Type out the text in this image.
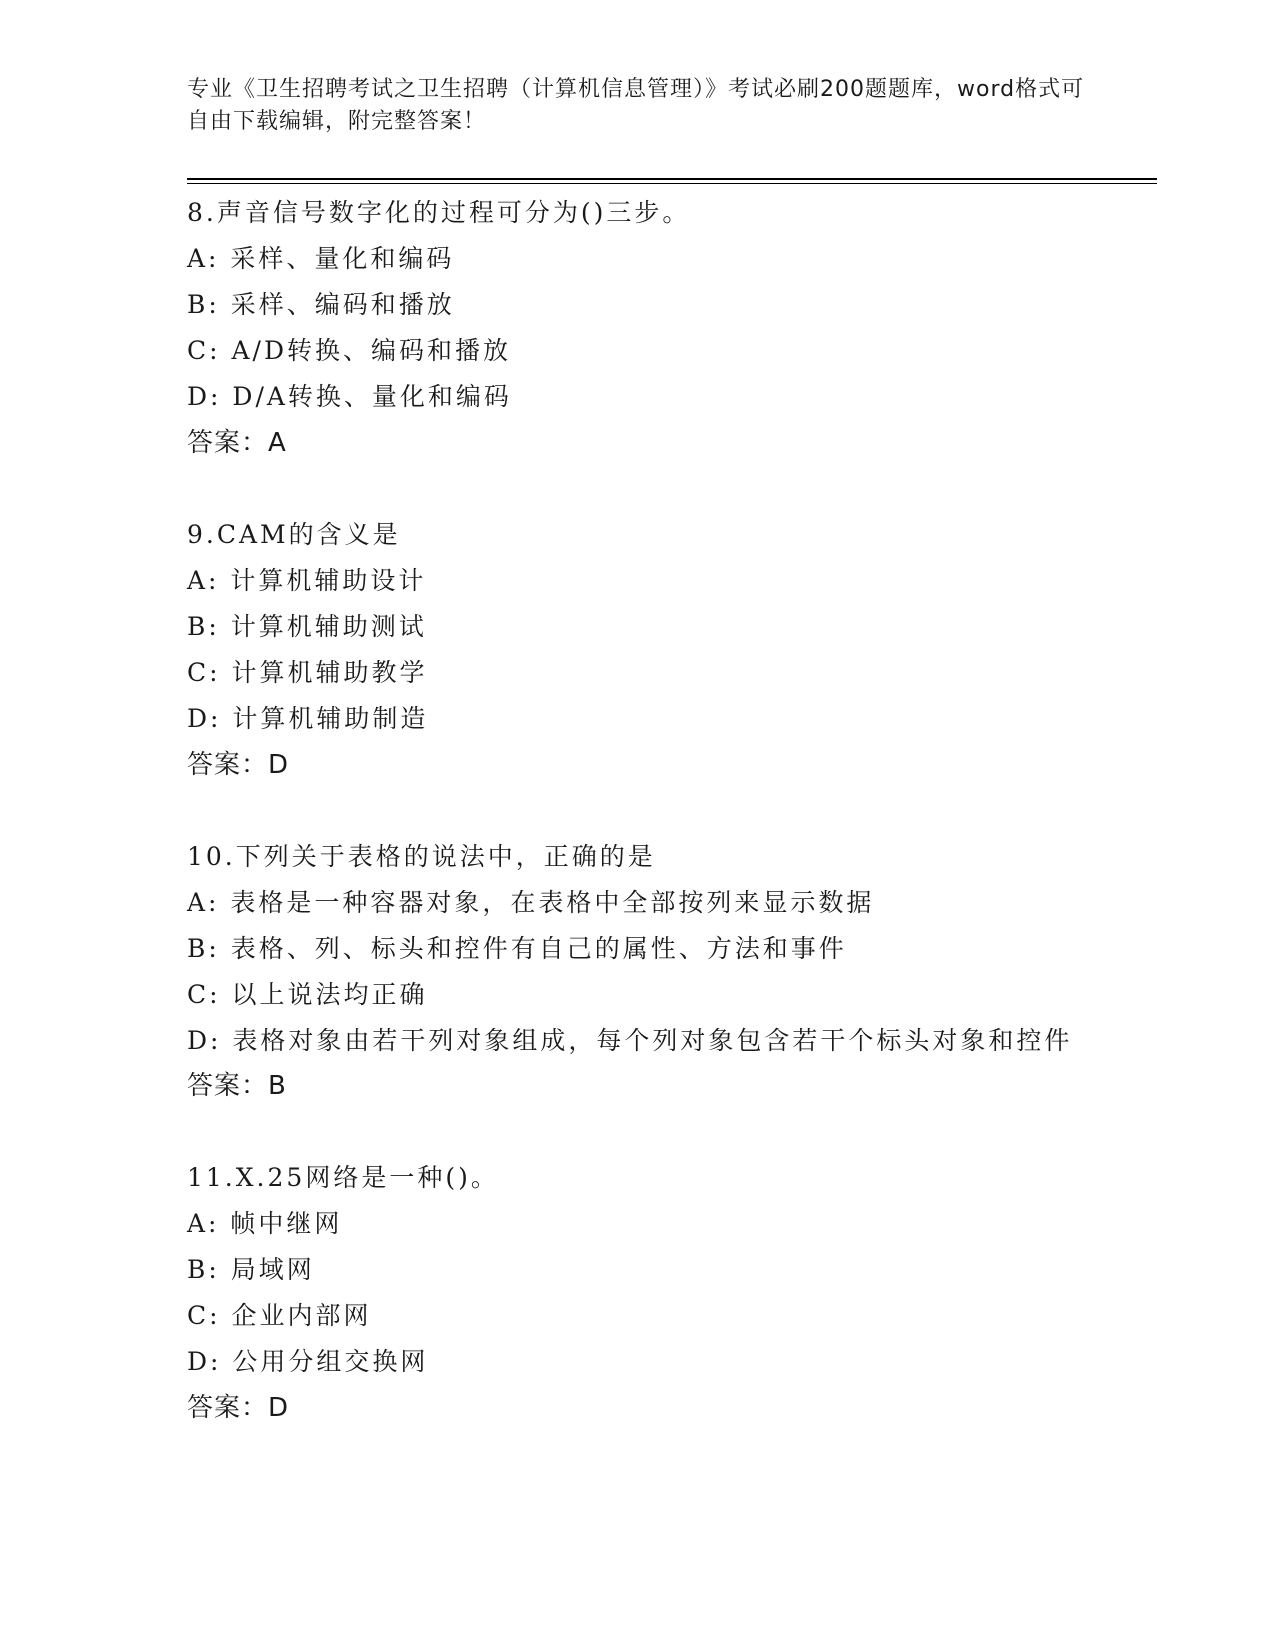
专业《卫生招聘考试之卫生招聘（计算机信息管理）》考试必刷200题题库，word格式可自由下载编辑，附完整答案！
8.声音信号数字化的过程可分为()三步。
A: 采样、量化和编码
B: 采样、编码和播放
C: A/D转换、编码和播放
D: D/A转换、量化和编码
答案：A
9.CAM的含义是
A: 计算机辅助设计
B: 计算机辅助测试
C: 计算机辅助教学
D: 计算机辅助制造
答案：D
10.下列关于表格的说法中，正确的是
A: 表格是一种容器对象，在表格中全部按列来显示数据
B: 表格、列、标头和控件有自己的属性、方法和事件
C: 以上说法均正确
D: 表格对象由若干列对象组成，每个列对象包含若干个标头对象和控件
答案：B
11.X.25网络是一种()。
A: 帧中继网
B: 局域网
C: 企业内部网
D: 公用分组交换网
答案：D
